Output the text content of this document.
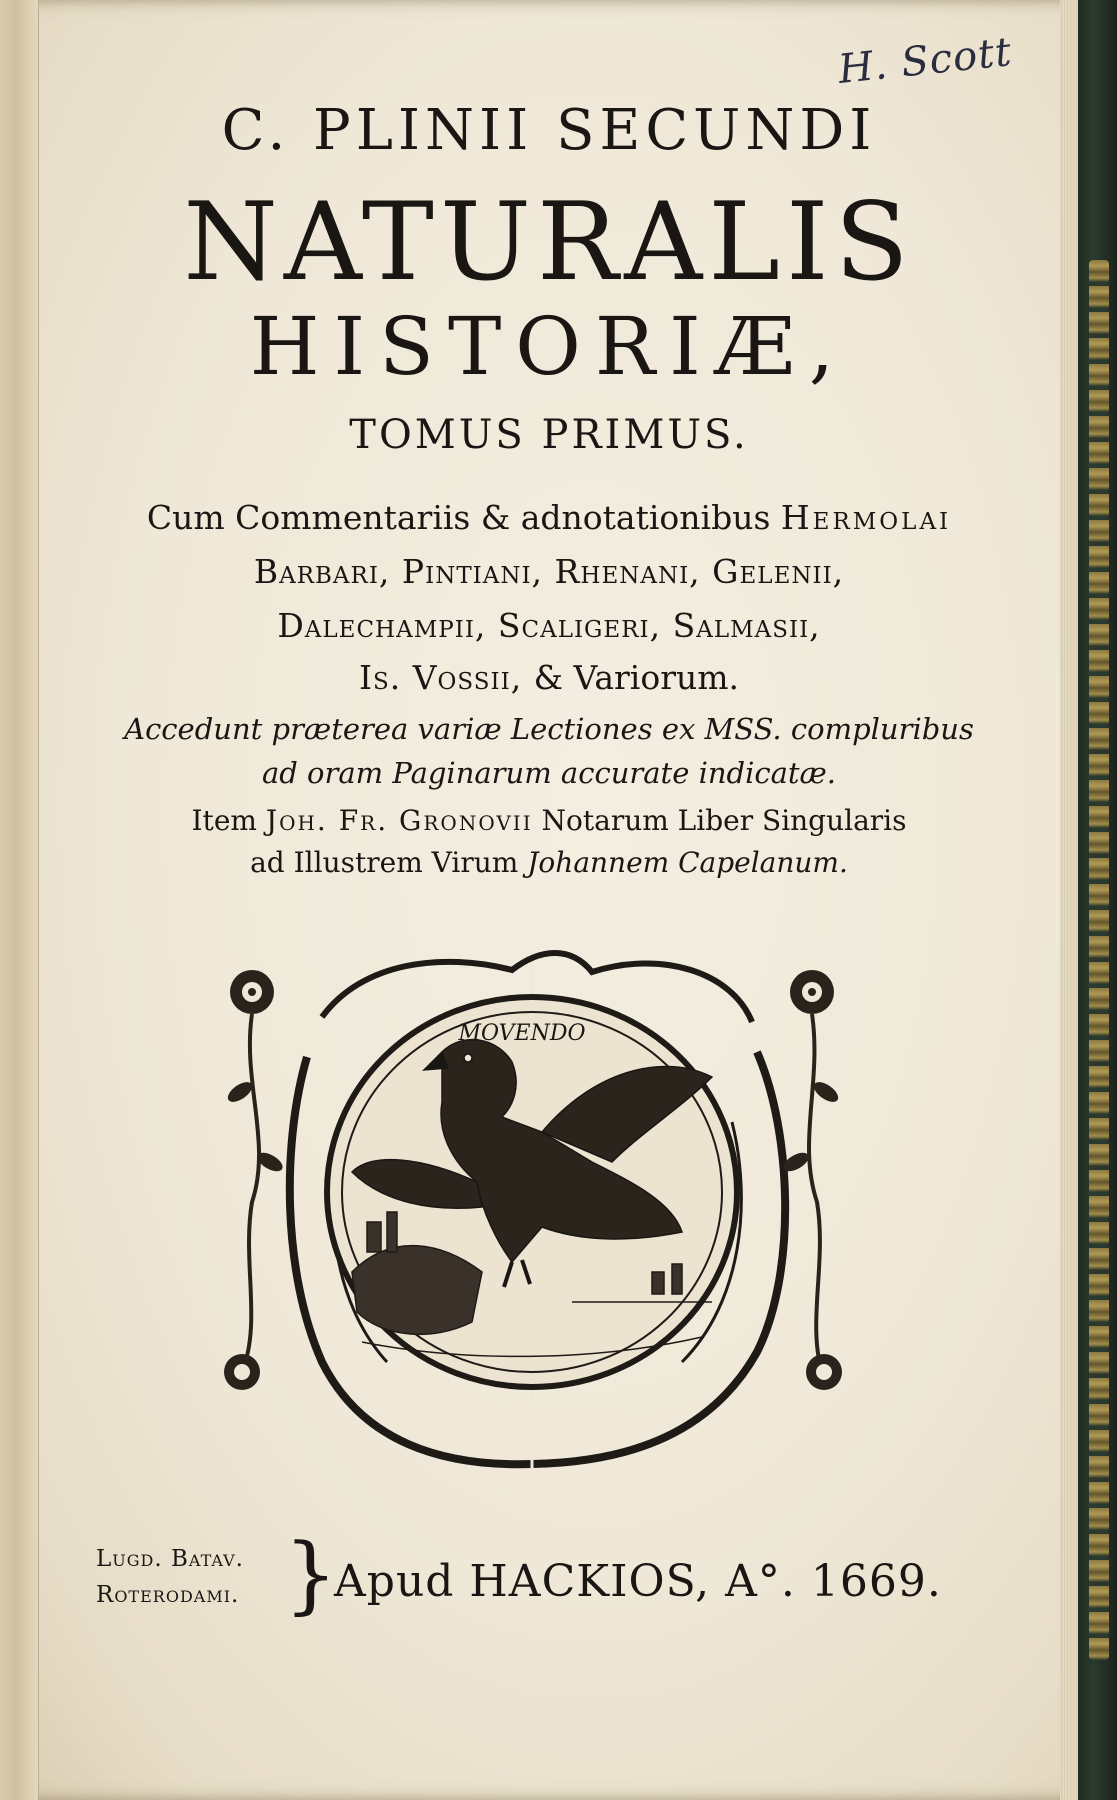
H. Scott
C. PLINII SECUNDI
NATURALIS
HISTORIÆ,
TOMUS PRIMUS.
Cum Commentariis & adnotationibus Hermolai
Barbari, Pintiani, Rhenani, Gelenii,
Dalechampii, Scaligeri, Salmasii,
Is. Vossii, & Variorum.
Accedunt præterea variæ Lectiones ex MSS. compluribus
ad oram Paginarum accurate indicatæ.
Item Joh. Fr. Gronovii Notarum Liber Singularis
ad Illustrem Virum Johannem Capelanum.
MOVENDO
Lugd. Batav.
Roterodami. }
Apud HACKIOS, A°. 1669.
